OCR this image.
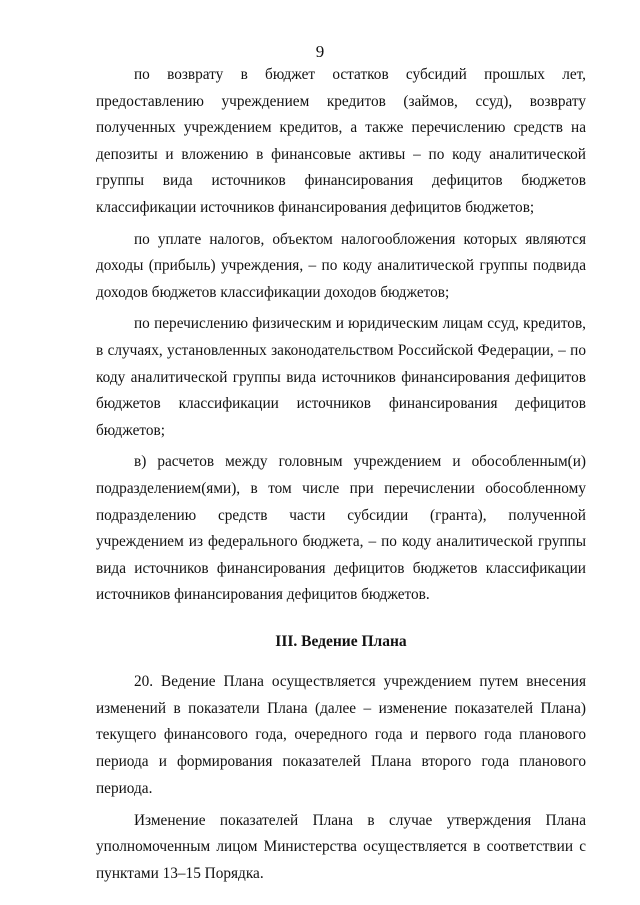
9

по возврату в бюджет остатков субсидий прошлых лет, предоставлению учреждением кредитов (займов, ссуд), возврату полученных учреждением кредитов, а также перечислению средств на депозиты и вложению в финансовые активы – по коду аналитической группы вида источников финансирования дефицитов бюджетов классификации источников финансирования дефицитов бюджетов;

по уплате налогов, объектом налогообложения которых являются доходы (прибыль) учреждения, – по коду аналитической группы подвида доходов бюджетов классификации доходов бюджетов;

по перечислению физическим и юридическим лицам ссуд, кредитов, в случаях, установленных законодательством Российской Федерации, – по коду аналитической группы вида источников финансирования дефицитов бюджетов классификации источников финансирования дефицитов бюджетов;

в) расчетов между головным учреждением и обособленным(и) подразделением(ями), в том числе при перечислении обособленному подразделению средств части субсидии (гранта), полученной учреждением из федерального бюджета, – по коду аналитической группы вида источников финансирования дефицитов бюджетов классификации источников финансирования дефицитов бюджетов.

III. Ведение Плана

20. Ведение Плана осуществляется учреждением путем внесения изменений в показатели Плана (далее – изменение показателей Плана) текущего финансового года, очередного года и первого года планового периода и формирования показателей Плана второго года планового периода.

Изменение показателей Плана в случае утверждения Плана уполномоченным лицом Министерства осуществляется в соответствии с пунктами 13–15 Порядка.
